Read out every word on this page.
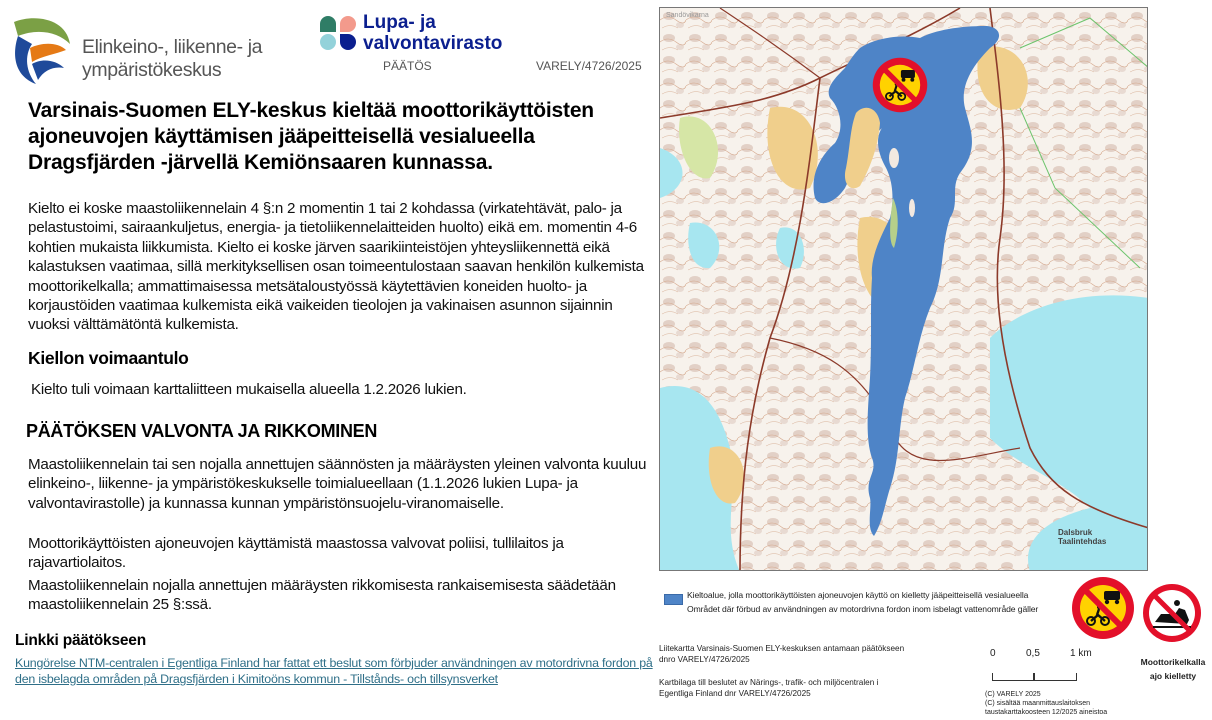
Elinkeino-, liikenne- ja
ympäristökeskus
Lupa- ja
valvontavirasto
PÄÄTÖS	VARELY/4726/2025
Varsinais-Suomen ELY-keskus kieltää moottorikäyttöisten ajoneuvojen käyttämisen jääpeitteisellä vesialueella Dragsfjärden -järvellä Kemiönsaaren kunnassa.

Kielto ei koske maastoliikennelain 4 §:n 2 momentin 1 tai 2 kohdassa (virkatehtävät, palo- ja pelastustoimi, sairaankuljetus, energia- ja tietoliikennelaitteiden huolto) eikä em. momentin 4-6 kohtien mukaista liikkumista. Kielto ei koske järven saarikiinteistöjen yhteysliikennettä eikä kalastuksen vaatimaa, sillä merkityksellisen osan toimeentulostaan saavan henkilön kulkemista moottorikelkalla; ammattimaisessa metsätaloustyössä käytettävien koneiden huolto- ja korjaustöiden vaatimaa kulkemista eikä vaikeiden tieolojen ja vakinaisen asunnon sijainnin vuoksi välttämätöntä kulkemista.

Kiellon voimaantulo

Kielto tuli voimaan karttaliitteen mukaisella alueella 1.2.2026 lukien.

PÄÄTÖKSEN VALVONTA JA RIKKOMINEN

Maastoliikennelain tai sen nojalla annettujen säännösten ja määräysten yleinen valvonta kuuluu elinkeino-, liikenne- ja ympäristökeskukselle toimialueellaan (1.1.2026 lukien Lupa- ja valvontavirastolle) ja kunnassa kunnan ympäristönsuojelu-viranomaiselle.

Moottorikäyttöisten ajoneuvojen käyttämistä maastossa valvovat poliisi, tullilaitos ja rajavartiolaitos.

Maastoliikennelain nojalla annettujen määräysten rikkomisesta rankaisemisesta säädetään maastoliikennelain 25 §:ssä.

Linkki päätökseen
Kungörelse NTM-centralen i Egentliga Finland har fattat ett beslut som förbjuder användningen av motordrivna fordon på den isbelagda områden på Dragsfjärden i Kimitoöns kommun - Tillstånds- och tillsynsverket
Sandövikarna
Dalsbruk
Taalintehdas
Kieltoalue, jolla moottorikäyttöisten ajoneuvojen käyttö on kielletty jääpeitteisellä vesialueella
Området där förbud av användningen av motordrivna fordon inom isbelagt vattenområde gäller
Liitekartta Varsinais-Suomen ELY-keskuksen antamaan päätökseen
dnro VARELY/4726/2025
Kartbilaga till beslutet av Närings-, trafik- och miljöcentralen i
Egentliga Finland dnr VARELY/4726/2025
0	0,5	1 km
(C) VARELY 2025
(C) sisältää maanmittauslaitoksen
taustakarttakoosteen 12/2025 aineistoa
Moottorikelkalla
ajo kielletty
